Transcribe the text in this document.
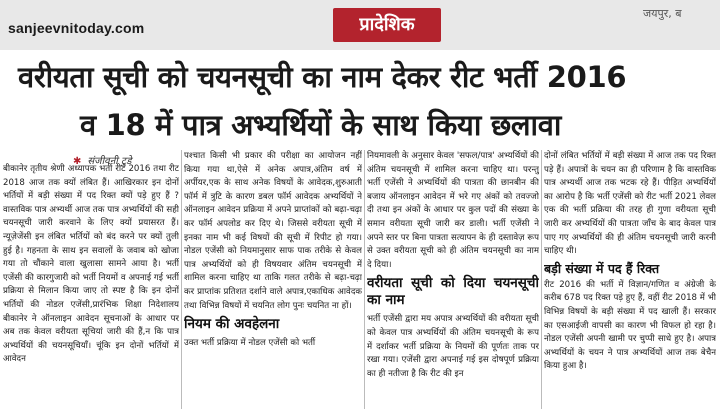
sanjeevnitoday.com	प्रादेशिक
जयपुर, ब
वरीयता सूची को चयनसूची का नाम देकर रीट भर्ती 2016
व 18 में पात्र अभ्यर्थियों के साथ किया छलावा
✱ संजीवनी टुडे

बीकानेर तृतीय श्रेणी अध्यापक भर्ती रीट 2016 तथा रीट 2018 आज तक क्यों लंबित हैं। आखिरकार इन दोनों भर्तियों में बड़ी संख्या में पद रिक्त क्यों पड़े हुए हैं ? वास्तविक पात्र अभ्यर्थी आज तक पात्र अभ्यर्थियों की सही चयनसूची जारी करवाने के लिए क्यों प्रयासरत हैं।न्यूज़ेजेंसी इन लंबित भर्तियों को बंद करने पर क्यों तुली हुई है। गहनता के साथ इन सवालों के जवाब को खोजा गया तो चौंकाने वाला खुलासा सामने आया है। भर्ती एजेंसी की कारगुजारी को भर्ती नियमों व अपनाई गई भर्ती प्रक्रिया से मिलान किया जाए तो स्पष्ट है कि इन दोनों भर्तियों की नोडल एजेंसी,प्रारंभिक शिक्षा निदेशालय बीकानेर ने ऑनलाइन आवेदन सूचनाओं के आधार पर अब तक केवल वरीयता सूचियां जारी की हैं,न कि पात्र अभ्यर्थियों की चयनसूचियाँ। चूंकि इन दोनों भर्तियों में आवेदन

पश्चात किसी भी प्रकार की परीक्षा का आयोजन नहीं किया गया था,ऐसे में अनेक अपात्र,अंतिम वर्ष में अर्पीयर,एक के साथ अनेक विषयों के आवेदक,शुरुआती फॉर्म में त्रुटि के कारण डबल फॉर्म आवेदक अभ्यर्थियों ने ऑनलाइन आवेदन प्रक्रिया में अपने प्राप्तांकों को बढ़ा-चढ़ा कर फॉर्म अपलोड कर दिए थे। जिससे वरीयता सूची में इनका नाम भी कई विषयों की सूची में रिपीट हो गया। नोडल एजेंसी को नियमानुसार साफ पाक तरीके से केवल पात्र अभ्यर्थियों को ही विषयवार अंतिम चयनसूची में शामिल करना चाहिए था ताकि गलत तरीके से बढ़ा-चढ़ा कर प्राप्तांक प्रतिशत दर्शाने वाले अपात्र,एकाधिक आवेदक तथा विभिन्न विषयों में चयनित लोग पुनः चयनित ना हों।

नियम की अवहेलना

उक्त भर्ती प्रक्रिया में नोडल एजेंसी को भर्ती

नियमावली के अनुसार केवल 'सफल/पात्र' अभ्यर्थियों की अंतिम चयनसूची में शामिल करना चाहिए था। परन्तु भर्ती एजेंसी ने अभ्यर्थियों की पात्रता की छानबीन की बजाय ऑनलाइन आवेदन में भरे गए अंकों को तवज्जो दी तथा इन अंकों के आधार पर कुल पदों की संख्या के समान वरीयता सूची जारी कर डाली। भर्ती एजेंसी ने अपने स्तर पर बिना पात्रता सत्यापन के ही दस्तावेज़ रूप से उक्त वरीयता सूची को ही अंतिम चयनसूची का नाम दे दिया।

वरीयता सूची को दिया चयनसूची का नाम

भर्ती एजेंसी द्वारा मय अपात्र अभ्यर्थियों की वरीयता सूची को केवल पात्र अभ्यर्थियों की अंतिम चयनसूची के रूप में दर्शाकर भर्ती प्रक्रिया के नियमों की पूर्णतः ताक पर रखा गया। एजेंसी द्वारा अपनाई गई इस दोषपूर्ण प्रक्रिया का ही नतीजा है कि रीट की इन

दोनों लंबित भर्तियों में बड़ी संख्या में आज तक पद रिक्त पड़े हैं। अपात्रों के चयन का ही परिणाम है कि वास्तविक पात्र अभ्यर्थी आज तक भटक रहे हैं। पीड़ित अभ्यर्थियों का आरोप है कि भर्ती एजेंसी को रीट भर्ती 2021 लेवल एक की भर्ती प्रक्रिया की तरह ही गुणा वरीयता सूची जारी कर अभ्यर्थियों की पात्रता जाँच के बाद केवल पात्र पाए गए अभ्यर्थियों की ही अंतिम चयनसूची जारी करनी चाहिए थी।

बड़ी संख्या में पद हैं रिक्त

रीट 2016 की भर्ती में विज्ञान/गणित व अंग्रेजी के करीब 678 पद रिक्त पड़े हुए हैं, वहीं रीट 2018 में भी विभिन्न विषयों के बड़ी संख्या में पद खाली हैं। सरकार का एसआईजी वापसी का कारण भी विफल हो रहा है। नोडल एजेंसी अपनी खामी पर चुप्पी साधे हुए है। अपात्र अभ्यर्थियों के चयन ने पात्र अभ्यर्थियों आज तक बेचैन किया हुआ है।
